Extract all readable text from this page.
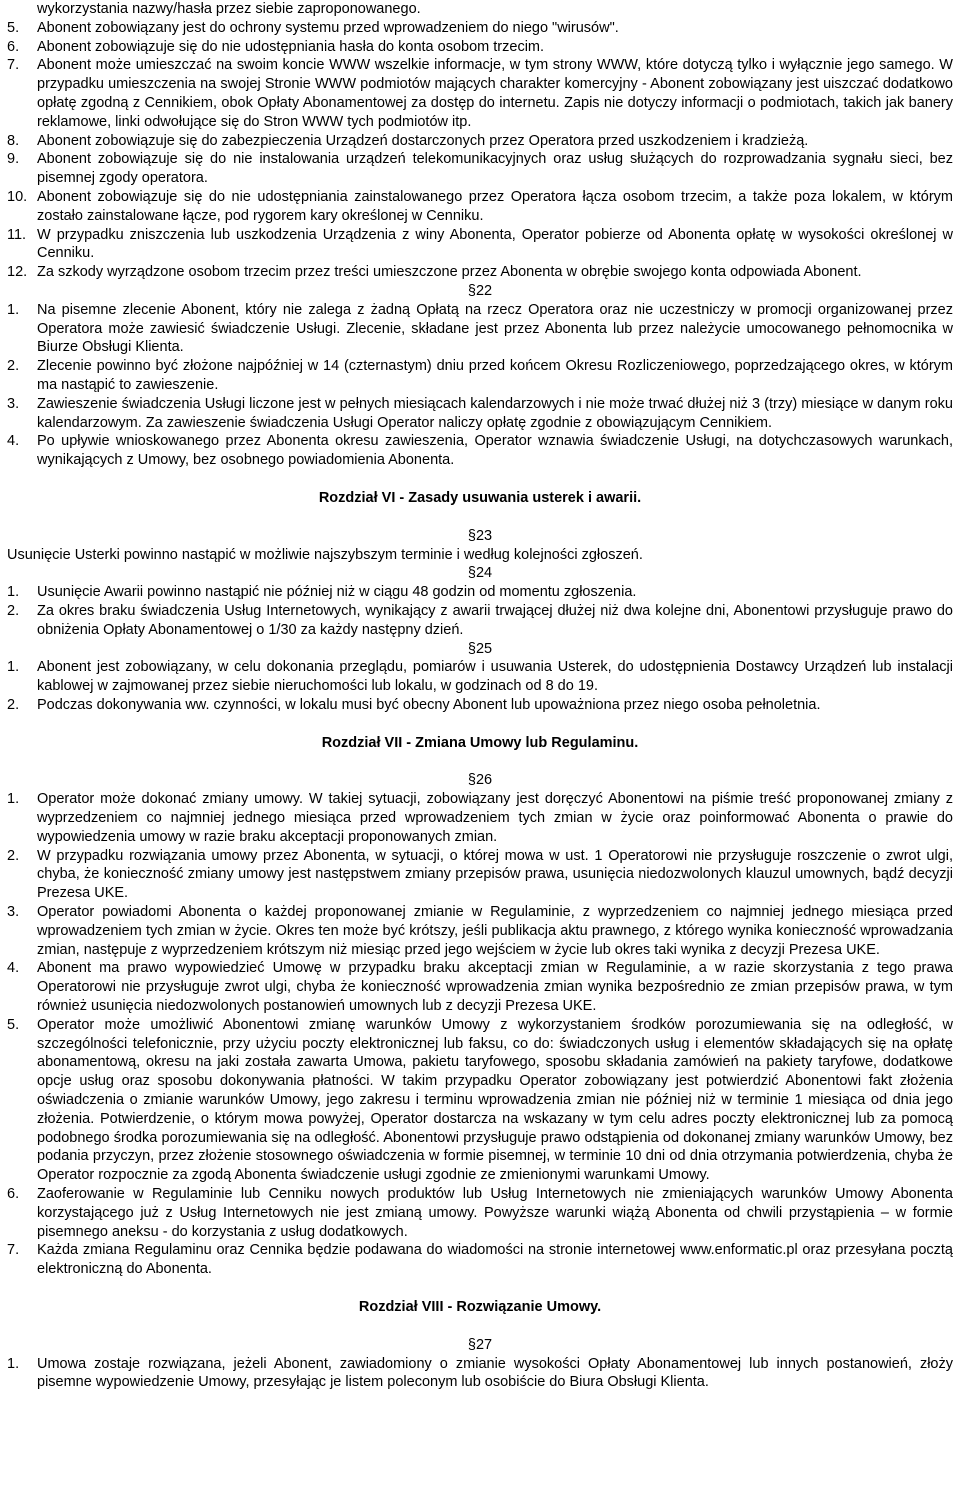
wykorzystania nazwy/hasła przez siebie zaproponowanego.
5.	Abonent zobowiązany jest do ochrony systemu przed wprowadzeniem do niego "wirusów".
6.	Abonent zobowiązuje się do nie udostępniania hasła do konta osobom trzecim.
7.	Abonent może umieszczać na swoim koncie WWW wszelkie informacje, w tym strony WWW, które dotyczą tylko i wyłącznie jego samego. W przypadku umieszczenia na swojej Stronie WWW podmiotów mających charakter komercyjny - Abonent zobowiązany jest uiszczać dodatkowo opłatę zgodną z Cennikiem, obok Opłaty Abonamentowej za dostęp do internetu. Zapis nie dotyczy informacji o podmiotach, takich jak banery reklamowe, linki odwołujące się do Stron WWW tych podmiotów itp.
8.	Abonent zobowiązuje się do zabezpieczenia Urządzeń dostarczonych przez Operatora przed uszkodzeniem i kradzieżą.
9.	Abonent zobowiązuje się do nie instalowania urządzeń telekomunikacyjnych oraz usług służących do rozprowadzania sygnału sieci, bez pisemnej zgody operatora.
10. Abonent zobowiązuje się do nie udostępniania zainstalowanego przez Operatora łącza osobom trzecim, a także poza lokalem, w którym zostało zainstalowane łącze, pod rygorem kary określonej w Cenniku.
11. W przypadku zniszczenia lub uszkodzenia Urządzenia z winy Abonenta, Operator pobierze od Abonenta opłatę w wysokości określonej w Cenniku.
12. Za szkody wyrządzone osobom trzecim przez treści umieszczone przez Abonenta w obrębie swojego konta odpowiada Abonent.
§22
1.	Na pisemne zlecenie Abonent, który nie zalega z żadną Opłatą na rzecz Operatora oraz nie uczestniczy w promocji organizowanej przez Operatora może zawiesić świadczenie Usługi. Zlecenie, składane jest przez Abonenta lub przez należycie umocowanego pełnomocnika w Biurze Obsługi Klienta.
2.	Zlecenie powinno być złożone najpóźniej w 14 (czternastym) dniu przed końcem Okresu Rozliczeniowego, poprzedzającego okres, w którym ma nastąpić to zawieszenie.
3.	Zawieszenie świadczenia Usługi liczone jest w pełnych miesiącach kalendarzowych i nie może trwać dłużej niż 3 (trzy) miesiące w danym roku kalendarzowym. Za zawieszenie świadczenia Usługi Operator naliczy opłatę zgodnie z obowiązującym Cennikiem.
4.	Po upływie wnioskowanego przez Abonenta okresu zawieszenia, Operator wznawia świadczenie Usługi, na dotychczasowych warunkach, wynikających z Umowy, bez osobnego powiadomienia Abonenta.
Rozdział VI - Zasady usuwania usterek i awarii.
§23
Usunięcie Usterki powinno nastąpić w możliwie najszybszym terminie i według kolejności zgłoszeń.
§24
1.	Usunięcie Awarii powinno nastąpić nie później niż w ciągu 48 godzin od momentu zgłoszenia.
2.	Za okres braku świadczenia Usług Internetowych, wynikający z awarii trwającej dłużej niż dwa kolejne dni, Abonentowi przysługuje prawo do obniżenia Opłaty Abonamentowej o 1/30 za każdy następny dzień.
§25
1.	Abonent jest zobowiązany, w celu dokonania przeglądu, pomiarów i usuwania Usterek, do udostępnienia Dostawcy Urządzeń lub instalacji kablowej w zajmowanej przez siebie nieruchomości lub lokalu, w godzinach od 8 do 19.
2.	Podczas dokonywania ww. czynności, w lokalu musi być obecny Abonent lub upoważniona przez niego osoba pełnoletnia.
Rozdział VII - Zmiana Umowy lub Regulaminu.
§26
1.	Operator może dokonać zmiany umowy. W takiej sytuacji, zobowiązany jest doręczyć Abonentowi na piśmie treść proponowanej zmiany z wyprzedzeniem co najmniej jednego miesiąca przed wprowadzeniem tych zmian w życie oraz poinformować Abonenta o prawie do wypowiedzenia umowy w razie braku akceptacji proponowanych zmian.
2.	W przypadku rozwiązania umowy przez Abonenta, w sytuacji, o której mowa w ust. 1 Operatorowi nie przysługuje roszczenie o zwrot ulgi, chyba, że konieczność zmiany umowy jest następstwem zmiany przepisów prawa, usunięcia niedozwolonych klauzul umownych, bądź decyzji Prezesa UKE.
3.	Operator powiadomi Abonenta o każdej proponowanej zmianie w Regulaminie, z wyprzedzeniem co najmniej jednego miesiąca przed wprowadzeniem tych zmian w życie. Okres ten może być krótszy, jeśli publikacja aktu prawnego, z którego wynika konieczność wprowadzania zmian, następuje z wyprzedzeniem krótszym niż miesiąc przed jego wejściem w życie lub okres taki wynika z decyzji Prezesa UKE.
4.	Abonent ma prawo wypowiedzieć Umowę w przypadku braku akceptacji zmian w Regulaminie, a w razie skorzystania z tego prawa Operatorowi nie przysługuje zwrot ulgi, chyba że konieczność wprowadzenia zmian wynika bezpośrednio ze zmian przepisów prawa, w tym również usunięcia niedozwolonych postanowień umownych lub z decyzji Prezesa UKE.
5.	Operator może umożliwić Abonentowi zmianę warunków Umowy z wykorzystaniem środków porozumiewania się na odległość, w szczególności telefonicznie, przy użyciu poczty elektronicznej lub faksu, co do: świadczonych usług i elementów składających się na opłatę abonamentową, okresu na jaki została zawarta Umowa, pakietu taryfowego, sposobu składania zamówień na pakiety taryfowe, dodatkowe opcje usług oraz sposobu dokonywania płatności. W takim przypadku Operator zobowiązany jest potwierdzić Abonentowi fakt złożenia oświadczenia o zmianie warunków Umowy, jego zakresu i terminu wprowadzenia zmian nie później niż w terminie 1 miesiąca od dnia jego złożenia. Potwierdzenie, o którym mowa powyżej, Operator dostarcza na wskazany w tym celu adres poczty elektronicznej lub za pomocą podobnego środka porozumiewania się na odległość. Abonentowi przysługuje prawo odstąpienia od dokonanej zmiany warunków Umowy, bez podania przyczyn, przez złożenie stosownego oświadczenia w formie pisemnej, w terminie 10 dni od dnia otrzymania potwierdzenia, chyba że Operator rozpocznie za zgodą Abonenta świadczenie usługi zgodnie ze zmienionymi warunkami Umowy.
6.	Zaoferowanie w Regulaminie lub Cenniku nowych produktów lub Usług Internetowych nie zmieniających warunków Umowy Abonenta korzystającego już z Usług Internetowych nie jest zmianą umowy. Powyższe warunki wiążą Abonenta od chwili przystąpienia – w formie pisemnego aneksu - do korzystania z usług dodatkowych.
7.	Każda zmiana Regulaminu oraz Cennika będzie podawana do wiadomości na stronie internetowej www.enformatic.pl oraz przesyłana pocztą elektroniczną do Abonenta.
Rozdział VIII - Rozwiązanie Umowy.
§27
1.	Umowa zostaje rozwiązana, jeżeli Abonent, zawiadomiony o zmianie wysokości Opłaty Abonamentowej lub innych postanowień, złoży pisemne wypowiedzenie Umowy, przesyłając je listem poleconym lub osobiście do Biura Obsługi Klienta.
